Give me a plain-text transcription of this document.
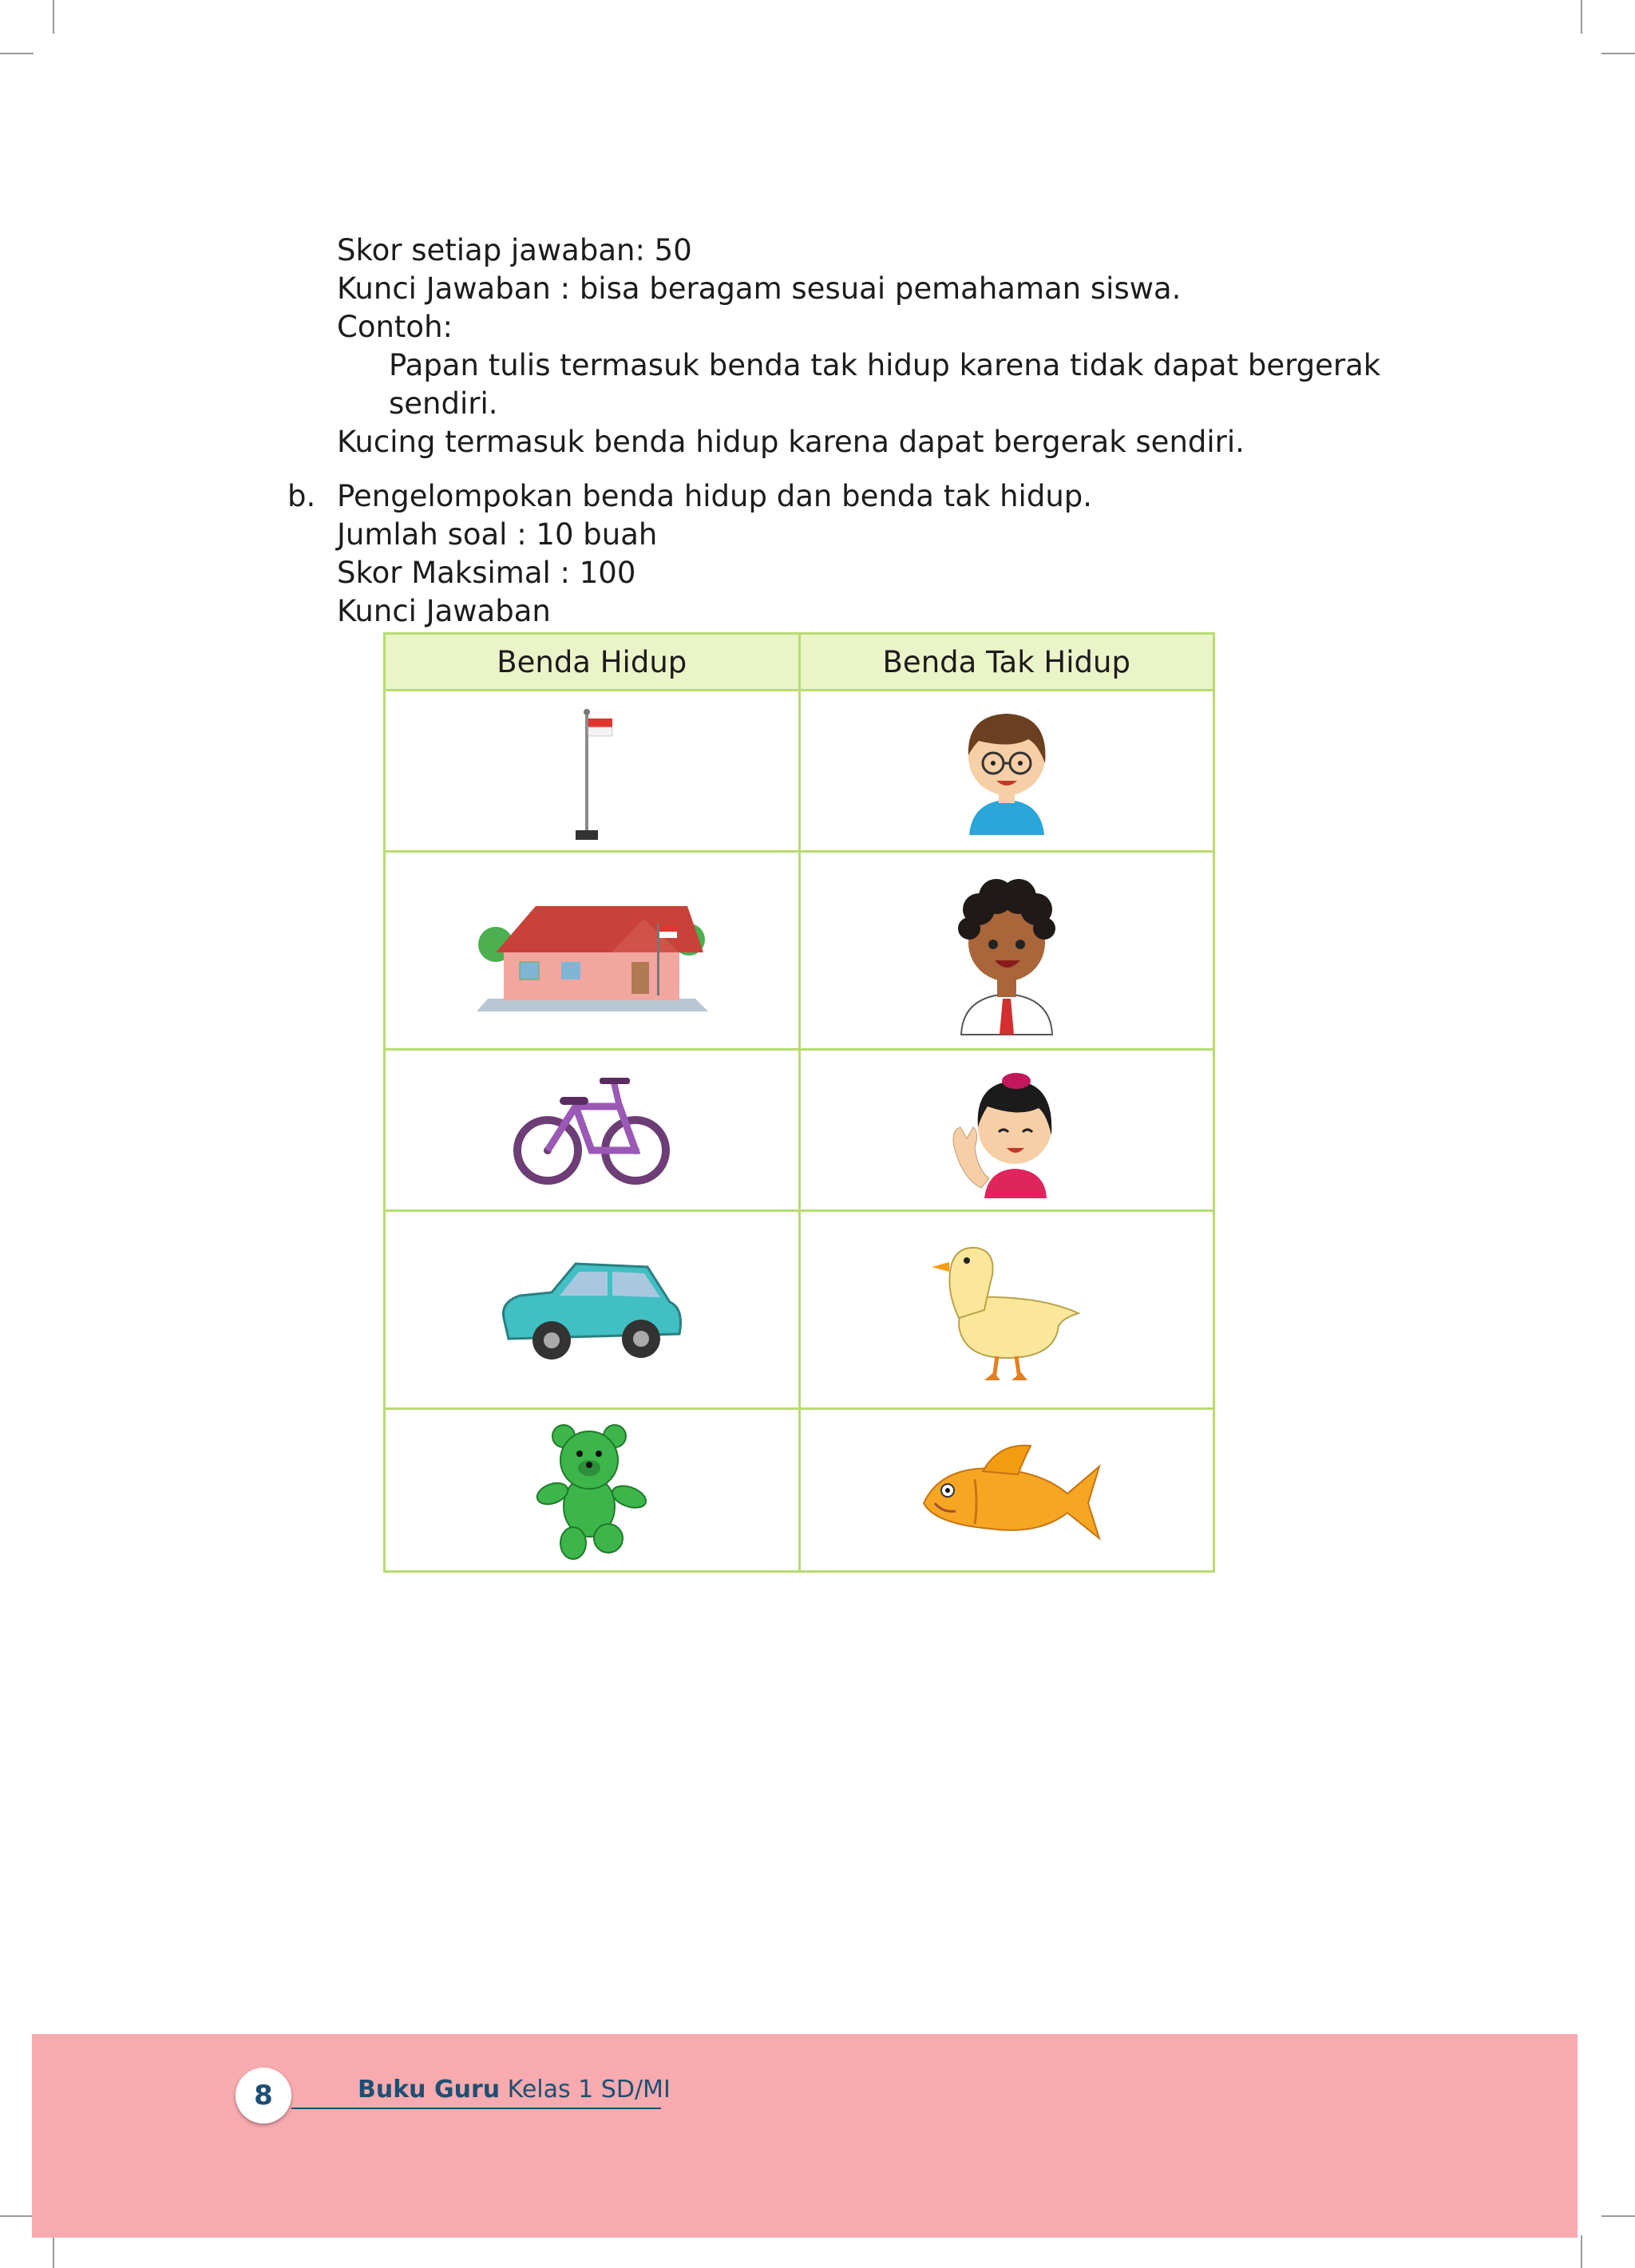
Skor setiap jawaban: 50
Kunci Jawaban : bisa beragam sesuai pemahaman siswa.
Contoh:
Papan tulis termasuk benda tak hidup karena tidak dapat bergerak
sendiri.
Kucing termasuk benda hidup karena dapat bergerak sendiri.
b. Pengelompokan benda hidup dan benda tak hidup.
Jumlah soal : 10 buah
Skor Maksimal : 100
Kunci Jawaban
Benda Hidup	Benda Tak Hidup

8	Buku Guru Kelas 1 SD/MI
